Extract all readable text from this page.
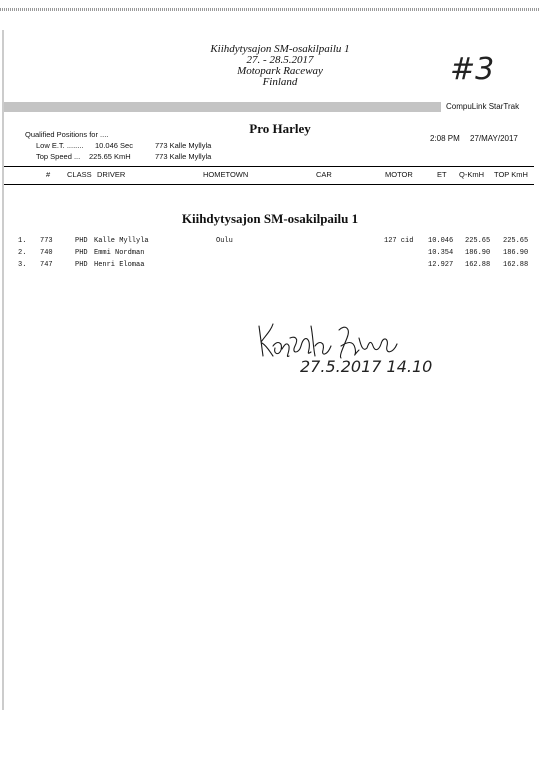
Kiihdytysajon SM-osakilpailu 1
27. - 28.5.2017
Motopark Raceway
Finland	#3
CompuLink StarTrak
Qualified Positions for ....
Low E.T. ........ 10.046 Sec	773 Kalle Myllyla
Top Speed ... 225.65 KmH	773 Kalle Myllyla
Pro Harley
2:08 PM 27/MAY/2017
# CLASS DRIVER	HOMETOWN	CAR	MOTOR	ET Q-KmH TOP KmH
Kiihdytysajon SM-osakilpailu 1
1. 773	PHD Kalle Myllyla	Oulu	127 cid 10.046 225.65 225.65
2. 740	PHD Emmi Nordman	10.354 186.90 186.90
3. 747	PHD Henri Elomaa	12.927 162.88 162.88
27.5.2017 14.10
